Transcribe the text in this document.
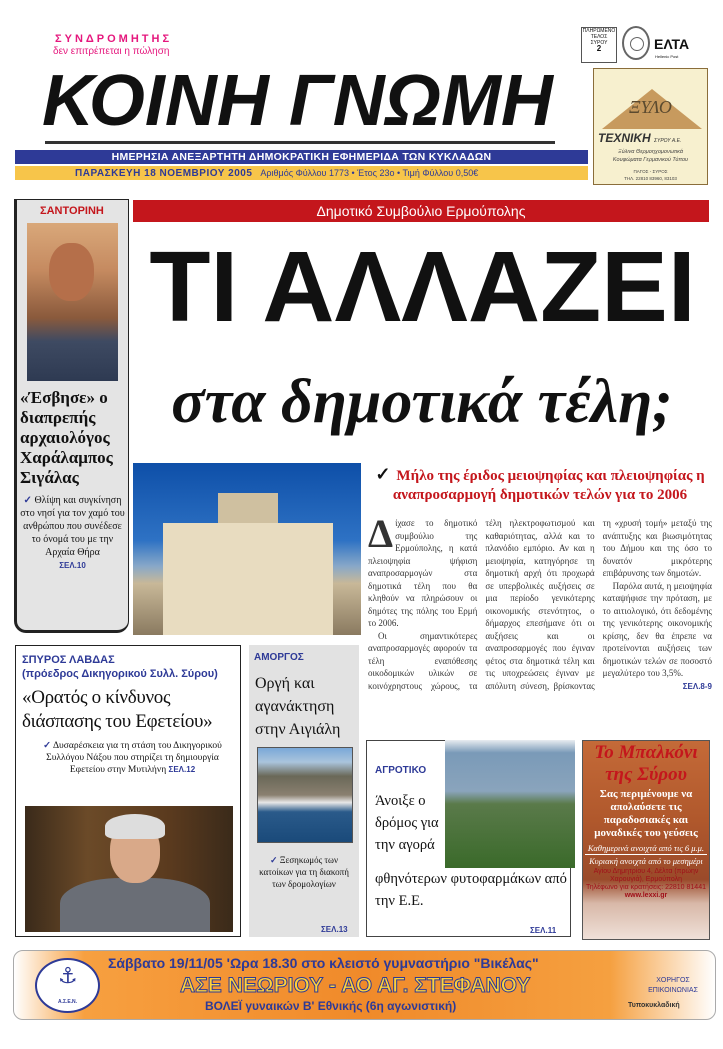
ΣΥΝΔΡΟΜΗΤΗΣ
δεν επιτρέπεται η πώληση
ΚΟΙΝΗ ΓΝΩΜΗ
ΗΜΕΡΗΣΙΑ ΑΝΕΞΑΡΤΗΤΗ ΔΗΜΟΚΡΑΤΙΚΗ ΕΦΗΜΕΡΙΔΑ ΤΩΝ ΚΥΚΛΑΔΩΝ
ΠΑΡΑΣΚΕΥΗ 18 ΝΟΕΜΒΡΙΟΥ 2005 Αριθμός Φύλλου 1773 • Έτος 23ο • Τιμή Φύλλου 0,50€
ΠΛΗΡΩΜΕΝΟ ΤΕΛΟΣ
ΣΥΡΟΥ
2	ΕΛΤΑ
Hellenic Post
ΞΥΛΟ
ΤΕΧΝΙΚΗ ΣΥΡΟΥ Α.Ε.
Ξύλινα Θερμοηχομονωτικά
Κουφώματα Γερμανικού Τύπου
ΠΑΓΟΣ - ΣΥΡΟΣ
ΤΗΛ. 22810 83960, 83103
ΣΑΝΤΟΡΙΝΗ
«Έσβησε» ο διαπρεπής αρχαιολόγος Χαράλαμπος Σιγάλας
✓ Θλίψη και συγκίνηση στο νησί για τον χαμό του ανθρώπου που συνέδεσε το όνομά του με την Αρχαία Θήρα
ΣΕΛ.10
Δημοτικό Συμβούλιο Ερμούπολης
ΤΙ ΑΛΛΑΖΕΙ
στα δημοτικά τέλη;
✓ Μήλο της έριδος μειοψηφίας και πλειοψηφίας η αναπροσαρμογή δημοτικών τελών για το 2006

Δίχασε το δημοτικό συμβούλιο της Ερμούπολης, η κατά πλειοψηφία ψήφιση αναπροσαρμογών στα δημοτικά τέλη που θα κληθούν να πληρώσουν οι δημότες της πόλης του Ερμή το 2006.

Οι σημαντικότερες αναπροσαρμογές αφορούν τα τέλη εναπόθεσης οικοδομικών υλικών σε κοινόχρηστους χώρους, τα τέλη ηλεκτροφωτισμού και καθαριότητας, αλλά και το πλανόδιο εμπόριο. Αν και η μειοψηφία, κατηγόρησε τη δημοτική αρχή ότι προχωρά σε υπερβολικές αυξήσεις σε μια περίοδο γενικότερης οικονομικής στενότητος, ο δήμαρχος επεσήμανε ότι οι αυξήσεις και οι αναπροσαρμογές που έγιναν φέτος στα δημοτικά τέλη και τις υποχρεώσεις έγιναν με απόλυτη σύνεση, βρίσκοντας τη «χρυσή τομή» μεταξύ της ανάπτυξης και βιωσιμότητας του Δήμου και της όσο το δυνατόν μικρότερης επιβάρυνσης των δημοτών.

Παρόλα αυτά, η μειοψηφία καταψήφισε την πρόταση, με το αιτιολογικό, ότι δεδομένης της γενικότερης οικονομικής κρίσης, δεν θα έπρεπε να προτείνονται αυξήσεις των δημοτικών τελών σε ποσοστό μεγαλύτερο του 3,5%.

ΣΕΛ.8-9

ΣΠΥΡΟΣ ΛΑΒΔΑΣ
(πρόεδρος Δικηγορικού Συλλ. Σύρου)
«Ορατός ο κίνδυνος διάσπασης του Εφετείου»
✓ Δυσαρέσκεια για τη στάση του Δικηγορικού Συλλόγου Νάξου που στηρίζει τη δημιουργία Εφετείου στην Μυτιλήνη ΣΕΛ.12
ΑΜΟΡΓΟΣ
Οργή και αγανάκτηση στην Αιγιάλη
✓ Ξεσηκωμός των κατοίκων για τη διακοπή των δρομολογίων
ΣΕΛ.13
ΑΓΡΟΤΙΚΟ
Άνοιξε ο δρόμος για την αγορά φθηνότερων φυτοφαρμάκων από την Ε.Ε.
ΣΕΛ.11
Το Μπαλκόνι της Σύρου
Σας περιμένουμε να απολαύσετε τις παραδοσιακές και μοναδικές του γεύσεις
Καθημερινά ανοιχτά από τις 6 μ.μ.
Κυριακή ανοιχτά από το μεσημέρι
Αγίου Δημητρίου 4, Δέλτα (πρώην Χαρουγιά), Ερμούπολη
Τηλέφωνο για κρατήσεις: 22810 81441
www.lexxi.gr
Α.Σ.Ε.Ν.
⚓
Σάββατο 19/11/05 'Ωρα 18.30 στο κλειστό γυμναστήριο "Βικέλας"
ΑΣΕ ΝΕΩΡΙΟΥ - ΑΟ ΑΓ. ΣΤΕΦΑΝΟΥ
ΒΟΛΕΪ γυναικών Β' Εθνικής (6η αγωνιστική)
ΧΟΡΗΓΟΣ ΕΠΙΚΟΙΝΩΝΙΑΣ
Τυποκυκλαδική
